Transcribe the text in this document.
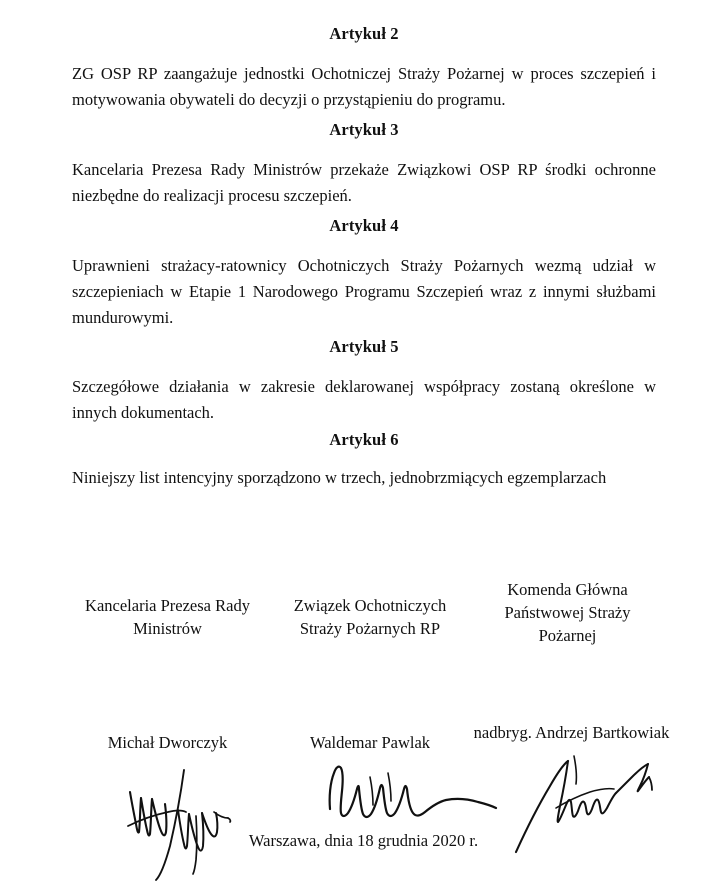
Artykuł 2

ZG OSP RP zaangażuje jednostki Ochotniczej Straży Pożarnej w proces szczepień i motywowania obywateli do decyzji o przystąpieniu do programu.

Artykuł 3

Kancelaria Prezesa Rady Ministrów przekaże Związkowi OSP RP środki ochronne niezbędne do realizacji procesu szczepień.

Artykuł 4

Uprawnieni strażacy-ratownicy Ochotniczych Straży Pożarnych wezmą udział w szczepieniach w Etapie 1 Narodowego Programu Szczepień wraz z innymi służbami mundurowymi.

Artykuł 5

Szczegółowe działania w zakresie deklarowanej współpracy zostaną określone w innych dokumentach.

Artykuł 6

Niniejszy list intencyjny sporządzono w trzech, jednobrzmiących egzemplarzach

Kancelaria Prezesa Rady
Ministrów
Związek Ochotniczych
Straży Pożarnych RP
Komenda Główna
Państwowej Straży
Pożarnej
Michał Dworczyk	Waldemar Pawlak
nadbryg. Andrzej Bartkowiak
Warszawa, dnia 18 grudnia 2020 r.
